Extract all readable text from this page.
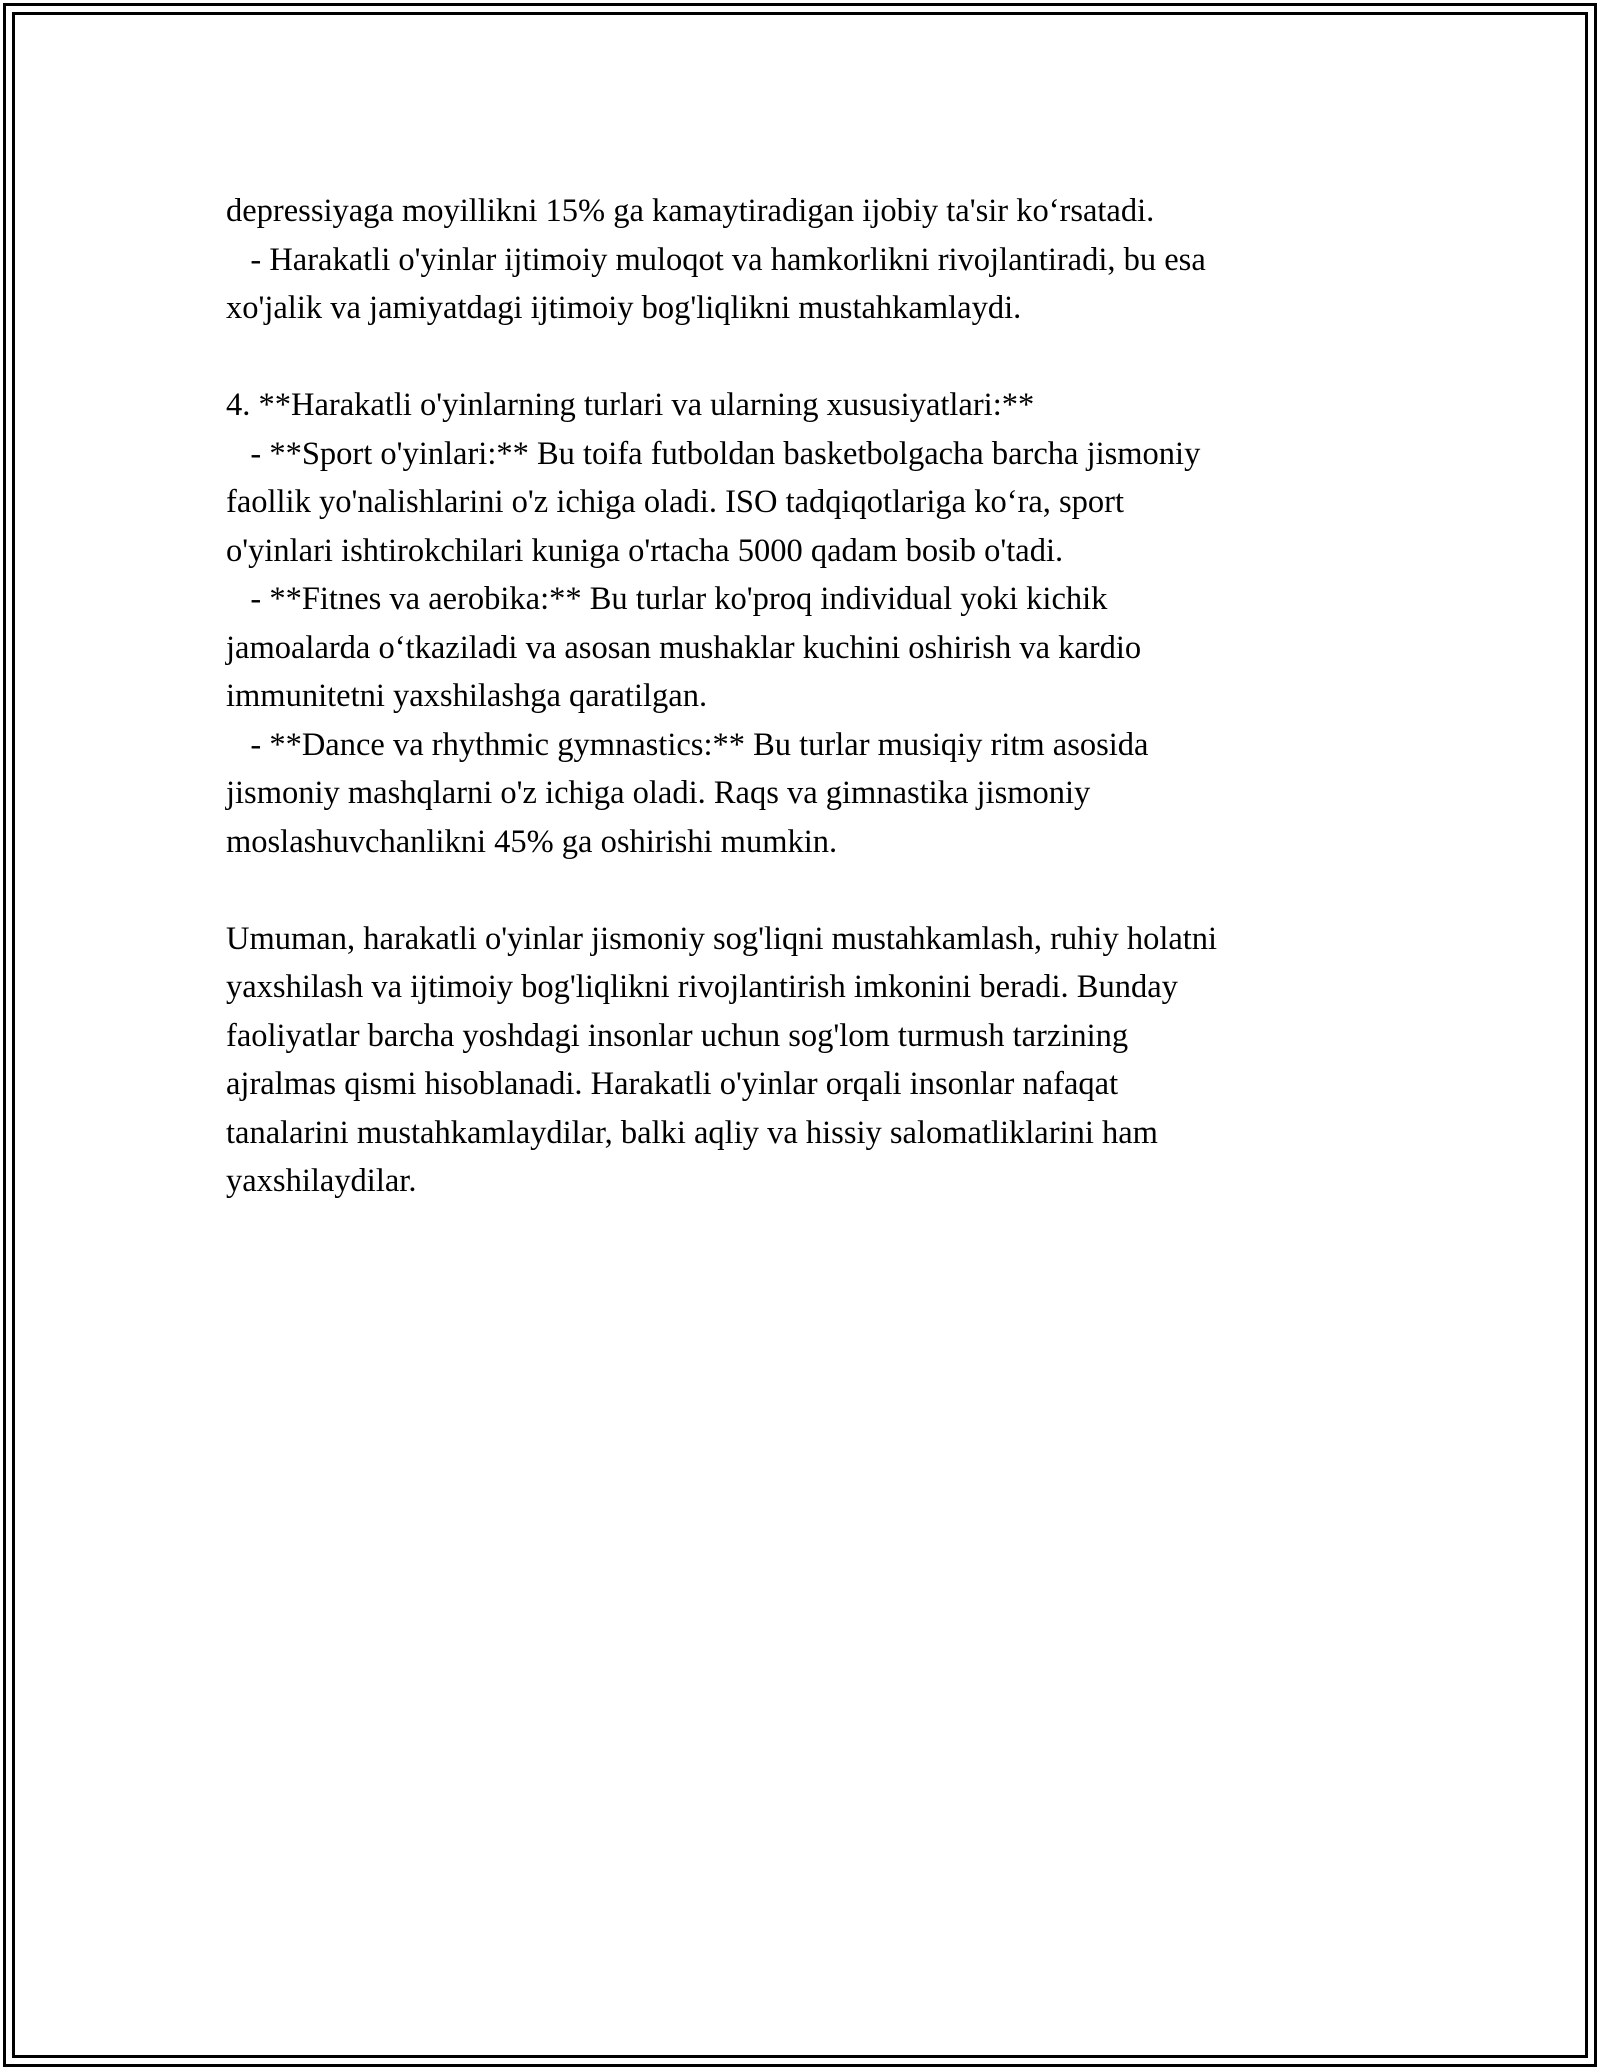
depressiyaga moyillikni 15% ga kamaytiradigan ijobiy ta'sir ko‘rsatadi.
- Harakatli o'yinlar ijtimoiy muloqot va hamkorlikni rivojlantiradi, bu esa
xo'jalik va jamiyatdagi ijtimoiy bog'liqlikni mustahkamlaydi.
4. **Harakatli o'yinlarning turlari va ularning xususiyatlari:**
- **Sport o'yinlari:** Bu toifa futboldan basketbolgacha barcha jismoniy
faollik yo'nalishlarini o'z ichiga oladi. ISO tadqiqotlariga ko‘ra, sport
o'yinlari ishtirokchilari kuniga o'rtacha 5000 qadam bosib o'tadi.
- **Fitnes va aerobika:** Bu turlar ko'proq individual yoki kichik
jamoalarda o‘tkaziladi va asosan mushaklar kuchini oshirish va kardio
immunitetni yaxshilashga qaratilgan.
- **Dance va rhythmic gymnastics:** Bu turlar musiqiy ritm asosida
jismoniy mashqlarni o'z ichiga oladi. Raqs va gimnastika jismoniy
moslashuvchanlikni 45% ga oshirishi mumkin.
Umuman, harakatli o'yinlar jismoniy sog'liqni mustahkamlash, ruhiy holatni
yaxshilash va ijtimoiy bog'liqlikni rivojlantirish imkonini beradi. Bunday
faoliyatlar barcha yoshdagi insonlar uchun sog'lom turmush tarzining
ajralmas qismi hisoblanadi. Harakatli o'yinlar orqali insonlar nafaqat
tanalarini mustahkamlaydilar, balki aqliy va hissiy salomatliklarini ham
yaxshilaydilar.
